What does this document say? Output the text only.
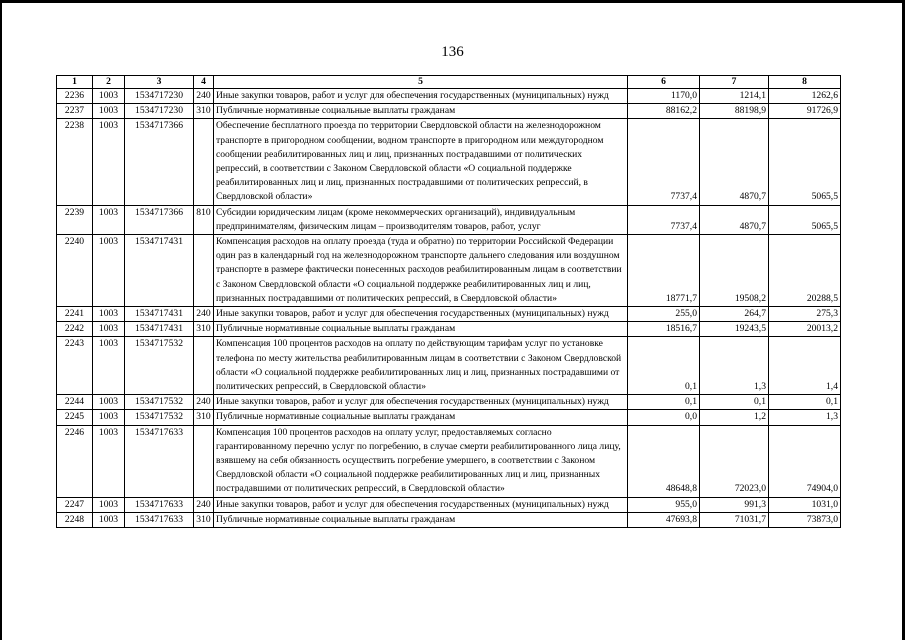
136
1	2	3	4	5	6	7	8
2236	1003	1534717230	240	Иные закупки товаров, работ и услуг для обеспечения государственных (муниципальных) нужд	1170,0	1214,1	1262,6
2237	1003	1534717230	310	Публичные нормативные социальные выплаты гражданам	88162,2	88198,9	91726,9
2238	1003	1534717366		Обеспечение бесплатного проезда по территории Свердловской области на железнодорожном транспорте в пригородном сообщении, водном транспорте в пригородном или междугородном сообщении реабилитированных лиц и лиц, признанных пострадавшими от политических репрессий, в соответствии с Законом Свердловской области «О социальной поддержке реабилитированных лиц и лиц, признанных пострадавшими от политических репрессий, в Свердловской области»	7737,4	4870,7	5065,5
2239	1003	1534717366	810	Субсидии юридическим лицам (кроме некоммерческих организаций), индивидуальным предпринимателям, физическим лицам – производителям товаров, работ, услуг	7737,4	4870,7	5065,5
2240	1003	1534717431		Компенсация расходов на оплату проезда (туда и обратно) по территории Российской Федерации один раз в календарный год на железнодорожном транспорте дальнего следования или воздушном транспорте в размере фактически понесенных расходов реабилитированным лицам в соответствии с Законом Свердловской области «О социальной поддержке реабилитированных лиц и лиц, признанных пострадавшими от политических репрессий, в Свердловской области»	18771,7	19508,2	20288,5
2241	1003	1534717431	240	Иные закупки товаров, работ и услуг для обеспечения государственных (муниципальных) нужд	255,0	264,7	275,3
2242	1003	1534717431	310	Публичные нормативные социальные выплаты гражданам	18516,7	19243,5	20013,2
2243	1003	1534717532		Компенсация 100 процентов расходов на оплату по действующим тарифам услуг по установке телефона по месту жительства реабилитированным лицам в соответствии с Законом Свердловской области «О социальной поддержке реабилитированных лиц и лиц, признанных пострадавшими от политических репрессий, в Свердловской области»	0,1	1,3	1,4
2244	1003	1534717532	240	Иные закупки товаров, работ и услуг для обеспечения государственных (муниципальных) нужд	0,1	0,1	0,1
2245	1003	1534717532	310	Публичные нормативные социальные выплаты гражданам	0,0	1,2	1,3
2246	1003	1534717633		Компенсация 100 процентов расходов на оплату услуг, предоставляемых согласно гарантированному перечню услуг по погребению, в случае смерти реабилитированного лица лицу, взявшему на себя обязанность осуществить погребение умершего, в соответствии с Законом Свердловской области «О социальной поддержке реабилитированных лиц и лиц, признанных пострадавшими от политических репрессий, в Свердловской области»	48648,8	72023,0	74904,0
2247	1003	1534717633	240	Иные закупки товаров, работ и услуг для обеспечения государственных (муниципальных) нужд	955,0	991,3	1031,0
2248	1003	1534717633	310	Публичные нормативные социальные выплаты гражданам	47693,8	71031,7	73873,0
